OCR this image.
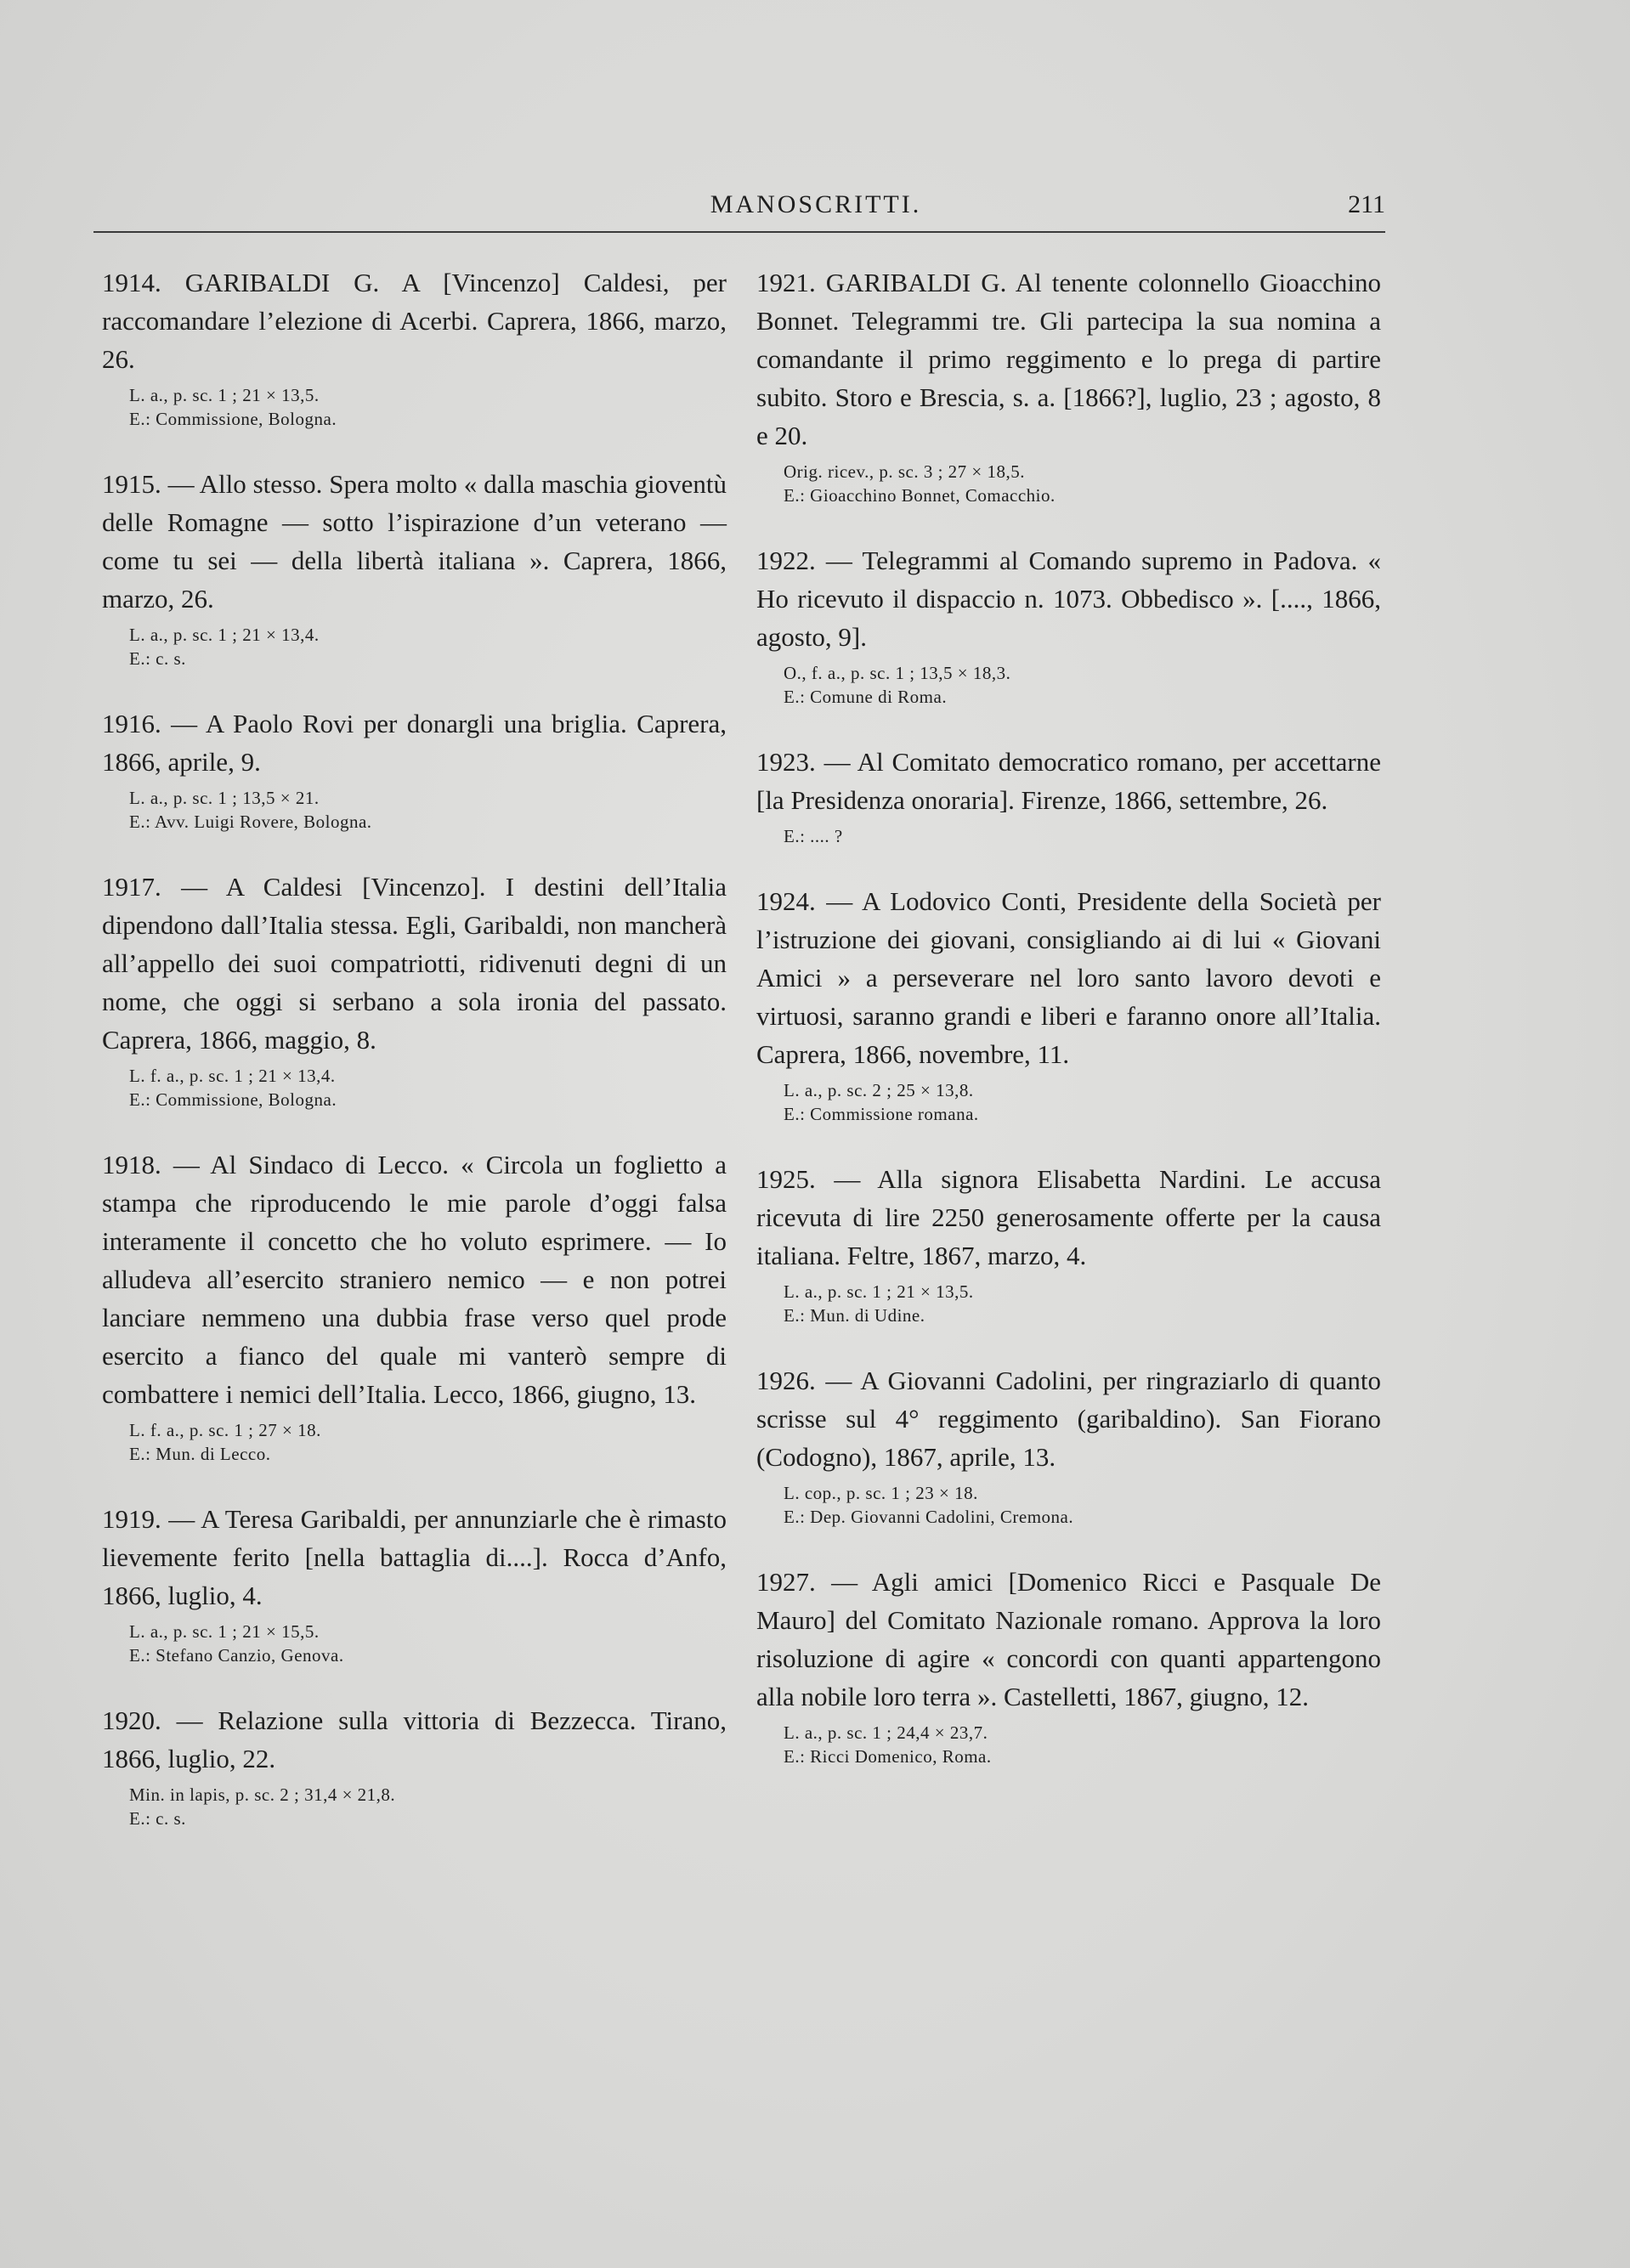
MANOSCRITTI.	211

1914. GARIBALDI G. A [Vincenzo] Caldesi, per raccomandare l’elezione di Acerbi. Caprera, 1866, marzo, 26.

L. a., p. sc. 1 ; 21 × 13,5.
E.: Commissione, Bologna.

1915. — Allo stesso. Spera molto « dalla maschia gioventù delle Romagne — sotto l’ispirazione d’un veterano — come tu sei — della libertà italiana ». Caprera, 1866, marzo, 26.

L. a., p. sc. 1 ; 21 × 13,4.
E.: c. s.

1916. — A Paolo Rovi per donargli una briglia. Caprera, 1866, aprile, 9.

L. a., p. sc. 1 ; 13,5 × 21.
E.: Avv. Luigi Rovere, Bologna.

1917. — A Caldesi [Vincenzo]. I destini dell’Italia dipendono dall’Italia stessa. Egli, Garibaldi, non mancherà all’appello dei suoi compatriotti, ridivenuti degni di un nome, che oggi si serbano a sola ironia del passato. Caprera, 1866, maggio, 8.

L. f. a., p. sc. 1 ; 21 × 13,4.
E.: Commissione, Bologna.

1918. — Al Sindaco di Lecco. « Circola un foglietto a stampa che riproducendo le mie parole d’oggi falsa interamente il concetto che ho voluto esprimere. — Io alludeva all’esercito straniero nemico — e non potrei lanciare nemmeno una dubbia frase verso quel prode esercito a fianco del quale mi vanterò sempre di combattere i nemici dell’Italia. Lecco, 1866, giugno, 13.

L. f. a., p. sc. 1 ; 27 × 18.
E.: Mun. di Lecco.

1919. — A Teresa Garibaldi, per annunziarle che è rimasto lievemente ferito [nella battaglia di....]. Rocca d’Anfo, 1866, luglio, 4.

L. a., p. sc. 1 ; 21 × 15,5.
E.: Stefano Canzio, Genova.

1920. — Relazione sulla vittoria di Bezzecca. Tirano, 1866, luglio, 22.

Min. in lapis, p. sc. 2 ; 31,4 × 21,8.
E.: c. s.

1921. GARIBALDI G. Al tenente colonnello Gioacchino Bonnet. Telegrammi tre. Gli partecipa la sua nomina a comandante il primo reggimento e lo prega di partire subito. Storo e Brescia, s. a. [1866?], luglio, 23 ; agosto, 8 e 20.

Orig. ricev., p. sc. 3 ; 27 × 18,5.
E.: Gioacchino Bonnet, Comacchio.

1922. — Telegrammi al Comando supremo in Padova. « Ho ricevuto il dispaccio n. 1073. Obbedisco ». [...., 1866, agosto, 9].

O., f. a., p. sc. 1 ; 13,5 × 18,3.
E.: Comune di Roma.

1923. — Al Comitato democratico romano, per accettarne [la Presidenza onoraria]. Firenze, 1866, settembre, 26.

E.: .... ?

1924. — A Lodovico Conti, Presidente della Società per l’istruzione dei giovani, consigliando ai di lui « Giovani Amici » a perseverare nel loro santo lavoro devoti e virtuosi, saranno grandi e liberi e faranno onore all’Italia. Caprera, 1866, novembre, 11.

L. a., p. sc. 2 ; 25 × 13,8.
E.: Commissione romana.

1925. — Alla signora Elisabetta Nardini. Le accusa ricevuta di lire 2250 generosamente offerte per la causa italiana. Feltre, 1867, marzo, 4.

L. a., p. sc. 1 ; 21 × 13,5.
E.: Mun. di Udine.

1926. — A Giovanni Cadolini, per ringraziarlo di quanto scrisse sul 4° reggimento (garibaldino). San Fiorano (Codogno), 1867, aprile, 13.

L. cop., p. sc. 1 ; 23 × 18.
E.: Dep. Giovanni Cadolini, Cremona.

1927. — Agli amici [Domenico Ricci e Pasquale De Mauro] del Comitato Nazionale romano. Approva la loro risoluzione di agire « concordi con quanti appartengono alla nobile loro terra ». Castelletti, 1867, giugno, 12.

L. a., p. sc. 1 ; 24,4 × 23,7.
E.: Ricci Domenico, Roma.
